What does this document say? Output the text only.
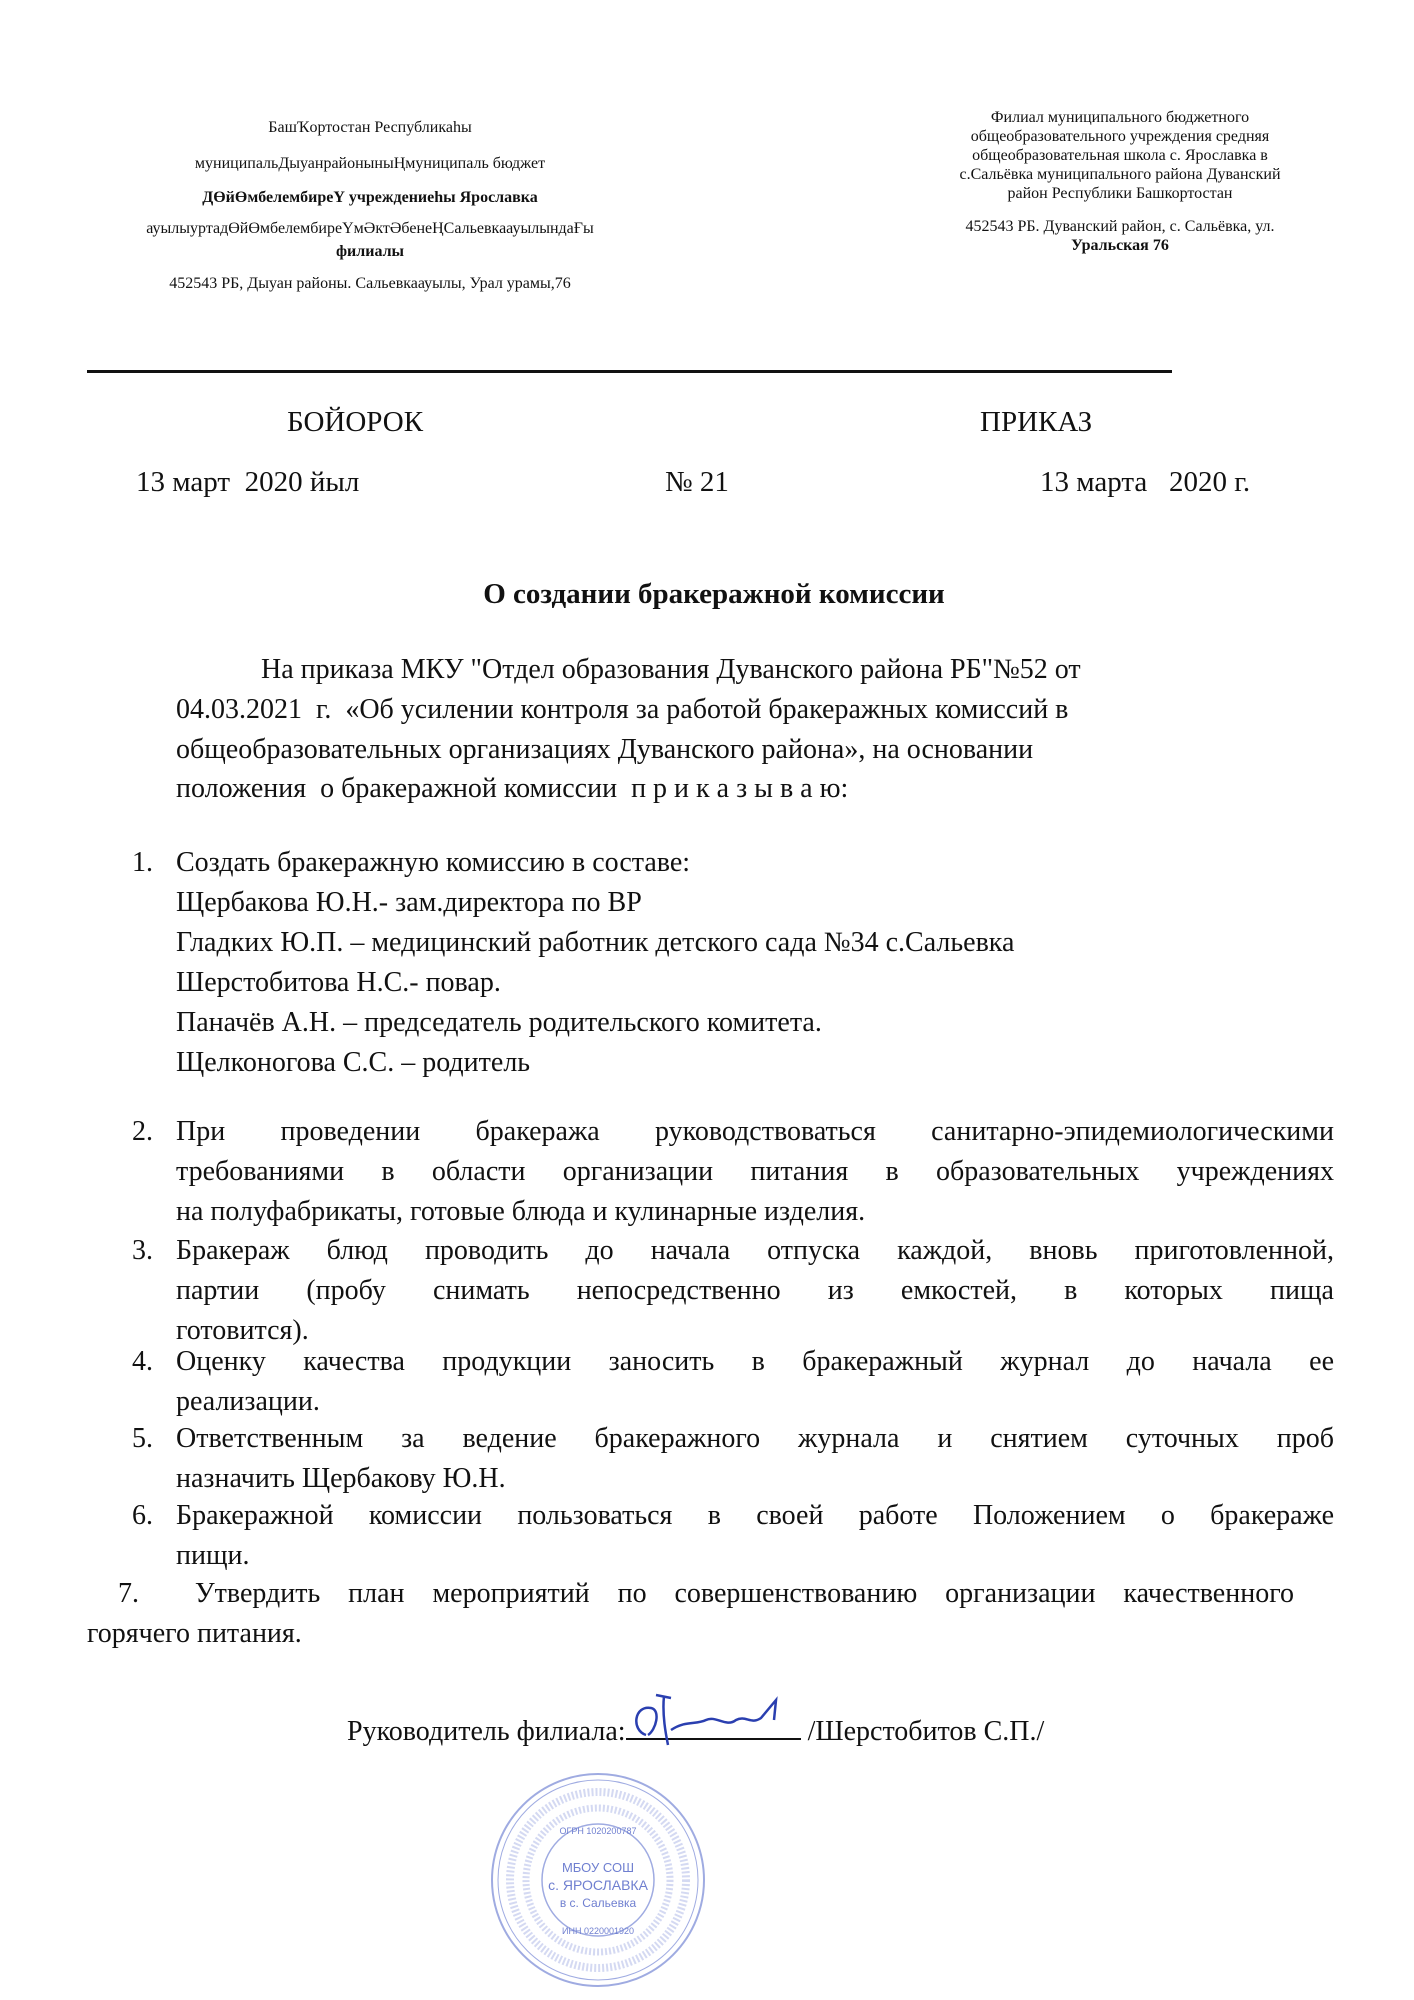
БашҠортостан Республикаһы
муниципальДыуанрайоныныҢмуниципаль бюджет
ДӨйӨмбелембиреҮ учреждениеһы Ярославка
ауылыуртадӨйӨмбелембиреҮмӘктӘбенеҢСальевкаауылындаҒы
филиалы
452543 РБ, Дыуан районы. Сальевкаауылы, Урал урамы,76
Филиал муниципального бюджетного
общеобразовательного учреждения средняя
общеобразовательная школа с. Ярославка в
с.Сальёвка муниципального района Дуванский
район Республики Башкортостан
452543 РБ. Дуванский район, с. Сальёвка, ул.
Уральская 76
БОЙОРОК	ПРИКАЗ
13 март  2020 йыл	№ 21	13 марта   2020 г.
О создании бракеражной комиссии
На приказа МКУ "Отдел образования Дуванского района РБ"№52 от
04.03.2021  г.  «Об усилении контроля за работой бракеражных комиссий в
общеобразовательных организациях Дуванского района», на основании
положения  о бракеражной комиссии  п р и к а з ы в а ю:
1. Создать бракеражную комиссию в составе:
Щербакова Ю.Н.- зам.директора по ВР
Гладких Ю.П. – медицинский работник детского сада №34 с.Сальевка
Шерстобитова Н.С.- повар.
Паначёв А.Н. – председатель родительского комитета.
Щелконогова С.С. – родитель
2. При проведении бракеража руководствоваться санитарно-эпидемиологическими
требованиями в области организации питания в образовательных учреждениях
на полуфабрикаты, готовые блюда и кулинарные изделия.
3. Бракераж блюд проводить до начала отпуска каждой, вновь приготовленной,
партии (пробу снимать непосредственно из емкостей, в которых пища
готовится).
4. Оценку качества продукции заносить в бракеражный журнал до начала ее
реализации.
5. Ответственным за ведение бракеражного журнала и снятием суточных проб
назначить Щербакову Ю.Н.
6. Бракеражной комиссии пользоваться в своей работе Положением о бракераже
пищи.
7. Утвердить план мероприятий по совершенствованию организации качественного
горячего питания.
МБОУ СОШ
с. ЯРОСЛАВКА
в с. Сальевка
ОГРН 1020200787
ИНН 0220001920
Руководитель филиала:	/Шерстобитов С.П./
